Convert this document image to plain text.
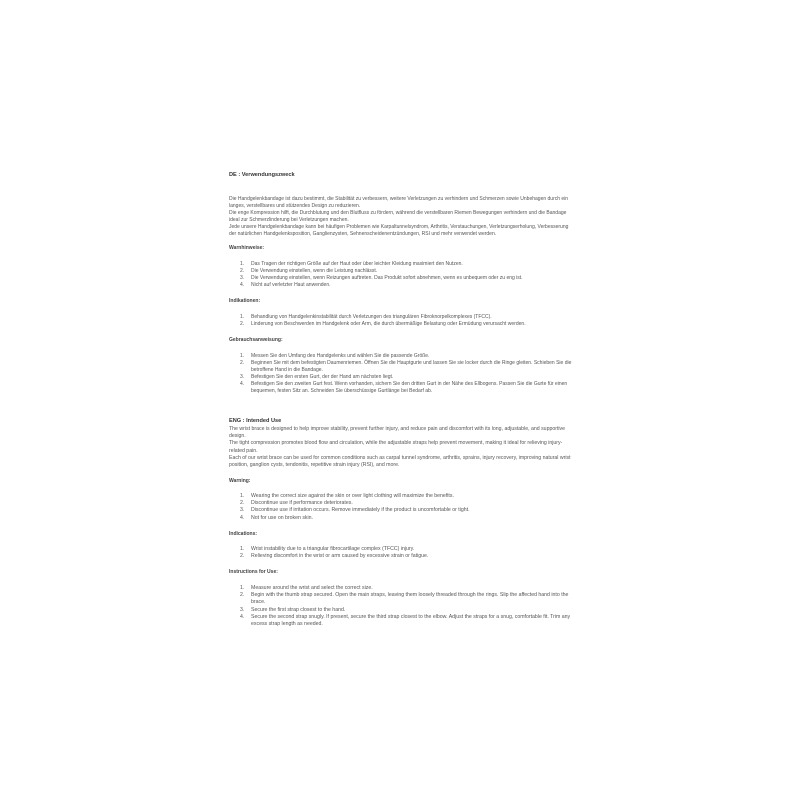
DE : Verwendungszweck

Die Handgelenkbandage ist dazu bestimmt, die Stabilität zu verbessern, weitere Verletzungen zu verhindern und Schmerzen sowie Unbehagen durch ein langes, verstellbares und stützendes Design zu reduzieren.

Die enge Kompression hilft, die Durchblutung und den Blutfluss zu fördern, während die verstellbaren Riemen Bewegungen verhindern und die Bandage ideal zur Schmerzlinderung bei Verletzungen machen.

Jede unsere Handgelenkbandage kann bei häufigen Problemen wie Karpaltunnelsyndrom, Arthritis, Verstauchungen, Verletzungserholung, Verbesserung der natürlichen Handgelenksposition, Ganglienzysten, Sehnenscheidenentzündungen, RSI und mehr verwendet werden.

Warnhinweise:
1. Das Tragen der richtigen Größe auf der Haut oder über leichter Kleidung maximiert den Nutzen.
2. Die Verwendung einstellen, wenn die Leistung nachlässt.
3. Die Verwendung einstellen, wenn Reizungen auftreten. Das Produkt sofort abnehmen, wenn es unbequem oder zu eng ist.
4. Nicht auf verletzter Haut anwenden.
Indikationen:
1. Behandlung von Handgelenkinstabilität durch Verletzungen des triangulären Fibroknorpelkomplexes (TFCC).
2. Linderung von Beschwerden im Handgelenk oder Arm, die durch übermäßige Belastung oder Ermüdung verursacht werden.
Gebrauchsanweisung:
1. Messen Sie den Umfang des Handgelenks und wählen Sie die passende Größe.
2. Beginnen Sie mit dem befestigten Daumenriemen. Öffnen Sie die Hauptgurte und lassen Sie sie locker durch die Ringe gleiten. Schieben Sie die betroffene Hand in die Bandage.
3. Befestigen Sie den ersten Gurt, der der Hand am nächsten liegt.
4. Befestigen Sie den zweiten Gurt fest. Wenn vorhanden, sichern Sie den dritten Gurt in der Nähe des Ellbogens. Passen Sie die Gurte für einen bequemen, festen Sitz an. Schneiden Sie überschüssige Gurtlänge bei Bedarf ab.
ENG : Intended Use

The wrist brace is designed to help improve stability, prevent further injury, and reduce pain and discomfort with its long, adjustable, and supportive design.

The tight compression promotes blood flow and circulation, while the adjustable straps help prevent movement, making it ideal for relieving injury-related pain.

Each of our wrist brace can be used for common conditions such as carpal tunnel syndrome, arthritis, sprains, injury recovery, improving natural wrist position, ganglion cysts, tendonitis, repetitive strain injury (RSI), and more.

Warning:
1. Wearing the correct size against the skin or over light clothing will maximize the benefits.
2. Discontinue use if performance deteriorates.
3. Discontinue use if irritation occurs. Remove immediately if the product is uncomfortable or tight.
4. Not for use on broken skin.
Indications:
1. Wrist instability due to a triangular fibrocartilage complex (TFCC) injury.
2. Relieving discomfort in the wrist or arm caused by excessive strain or fatigue.
Instructions for Use:
1. Measure around the wrist and select the correct size.
2. Begin with the thumb strap secured. Open the main straps, leaving them loosely threaded through the rings. Slip the affected hand into the brace.
3. Secure the first strap closest to the hand.
4. Secure the second strap snugly. If present, secure the third strap closest to the elbow. Adjust the straps for a snug, comfortable fit. Trim any excess strap length as needed.
